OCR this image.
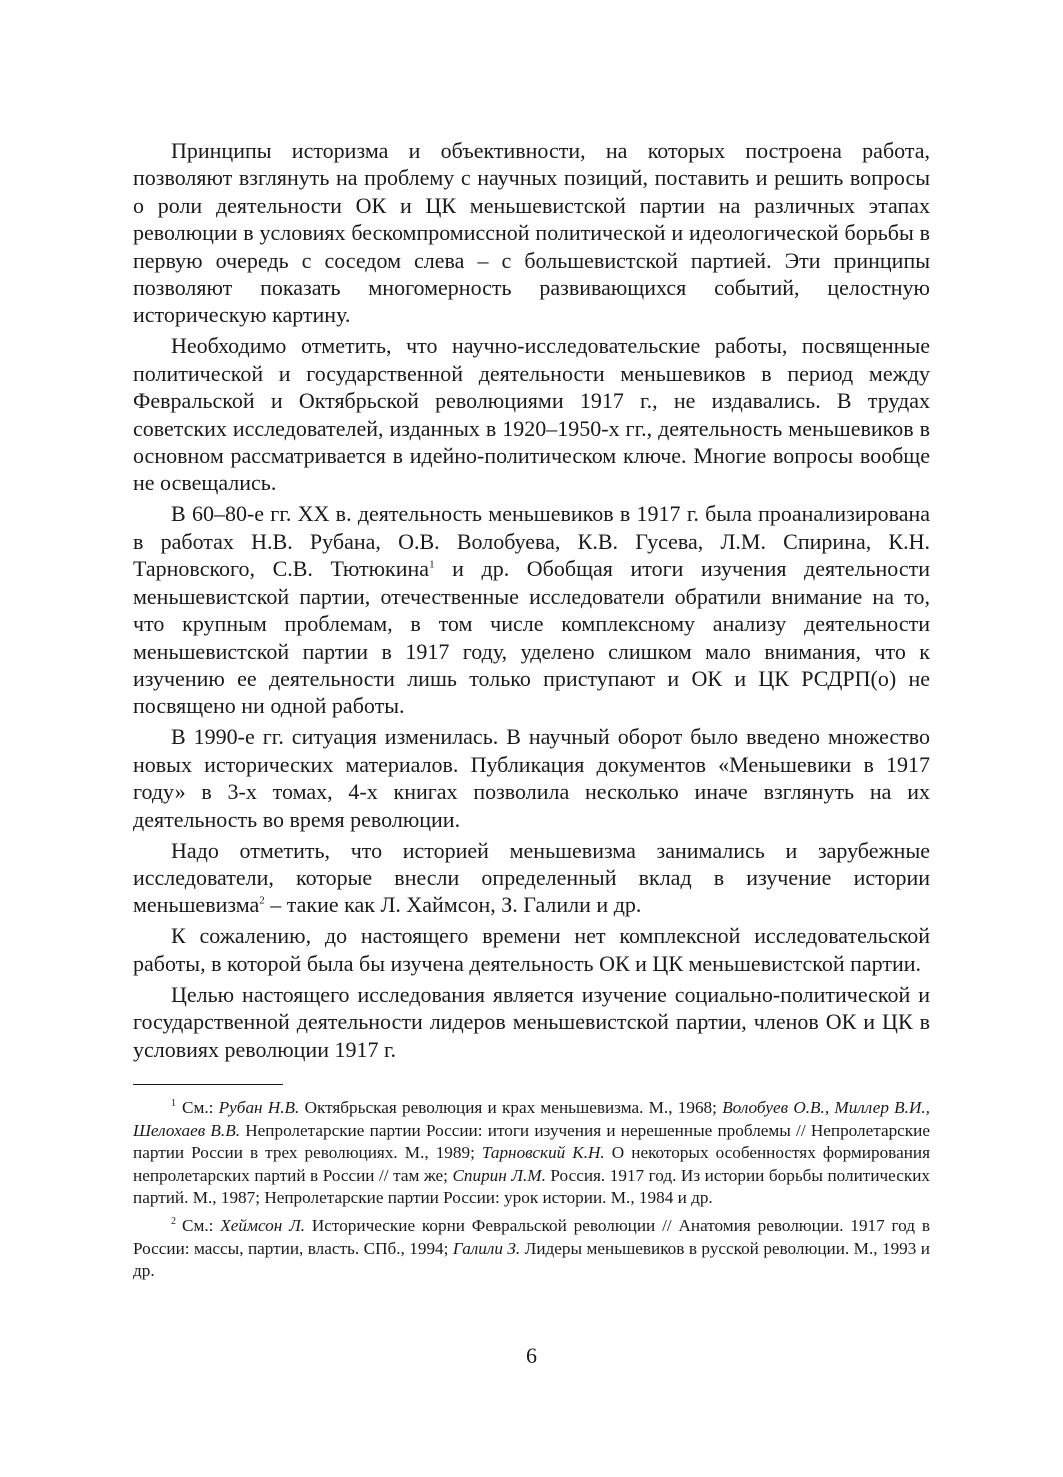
Принципы историзма и объективности, на которых построена работа, позволяют взглянуть на проблему с научных позиций, поставить и решить вопросы о роли деятельности ОК и ЦК меньшевистской партии на различных этапах революции в условиях бескомпромиссной политической и идеологической борьбы в первую очередь с соседом слева – с большевистской партией. Эти принципы позволяют показать многомерность развивающихся событий, целостную историческую картину.

Необходимо отметить, что научно-исследовательские работы, посвященные политической и государственной деятельности меньшевиков в период между Февральской и Октябрьской революциями 1917 г., не издавались. В трудах советских исследователей, изданных в 1920–1950-х гг., деятельность меньшевиков в основном рассматривается в идейно-политическом ключе. Многие вопросы вообще не освещались.

В 60–80-е гг. XX в. деятельность меньшевиков в 1917 г. была проанализирована в работах Н.В. Рубана, О.В. Волобуева, К.В. Гусева, Л.М. Спирина, К.Н. Тарновского, С.В. Тютюкина$^1$ и др. Обобщая итоги изучения деятельности меньшевистской партии, отечественные исследователи обратили внимание на то, что крупным проблемам, в том числе комплексному анализу деятельности меньшевистской партии в 1917 году, уделено слишком мало внимания, что к изучению ее деятельности лишь только приступают и ОК и ЦК РСДРП(о) не посвящено ни одной работы.

В 1990-е гг. ситуация изменилась. В научный оборот было введено множество новых исторических материалов. Публикация документов «Меньшевики в 1917 году» в 3-х томах, 4-х книгах позволила несколько иначе взглянуть на их деятельность во время революции.

Надо отметить, что историей меньшевизма занимались и зарубежные исследователи, которые внесли определенный вклад в изучение истории меньшевизма$^2$ – такие как Л. Хаймсон, З. Галили и др.

К сожалению, до настоящего времени нет комплексной исследовательской работы, в которой была бы изучена деятельность ОК и ЦК меньшевистской партии.

Целью настоящего исследования является изучение социально-политической и государственной деятельности лидеров меньшевистской партии, членов ОК и ЦК в условиях революции 1917 г.

$^1$ См.: Рубан Н.В. Октябрьская революция и крах меньшевизма. М., 1968; Волобуев О.В., Миллер В.И., Шелохаев В.В. Непролетарские партии России: итоги изучения и нерешенные проблемы // Непролетарские партии России в трех революциях. М., 1989; Тарновский К.Н. О некоторых особенностях формирования непролетарских партий в России // там же; Спирин Л.М. Россия. 1917 год. Из истории борьбы политических партий. М., 1987; Непролетарские партии России: урок истории. М., 1984 и др.

$^2$ См.: Хеймсон Л. Исторические корни Февральской революции // Анатомия революции. 1917 год в России: массы, партии, власть. СПб., 1994; Галили З. Лидеры меньшевиков в русской революции. М., 1993 и др.

6
